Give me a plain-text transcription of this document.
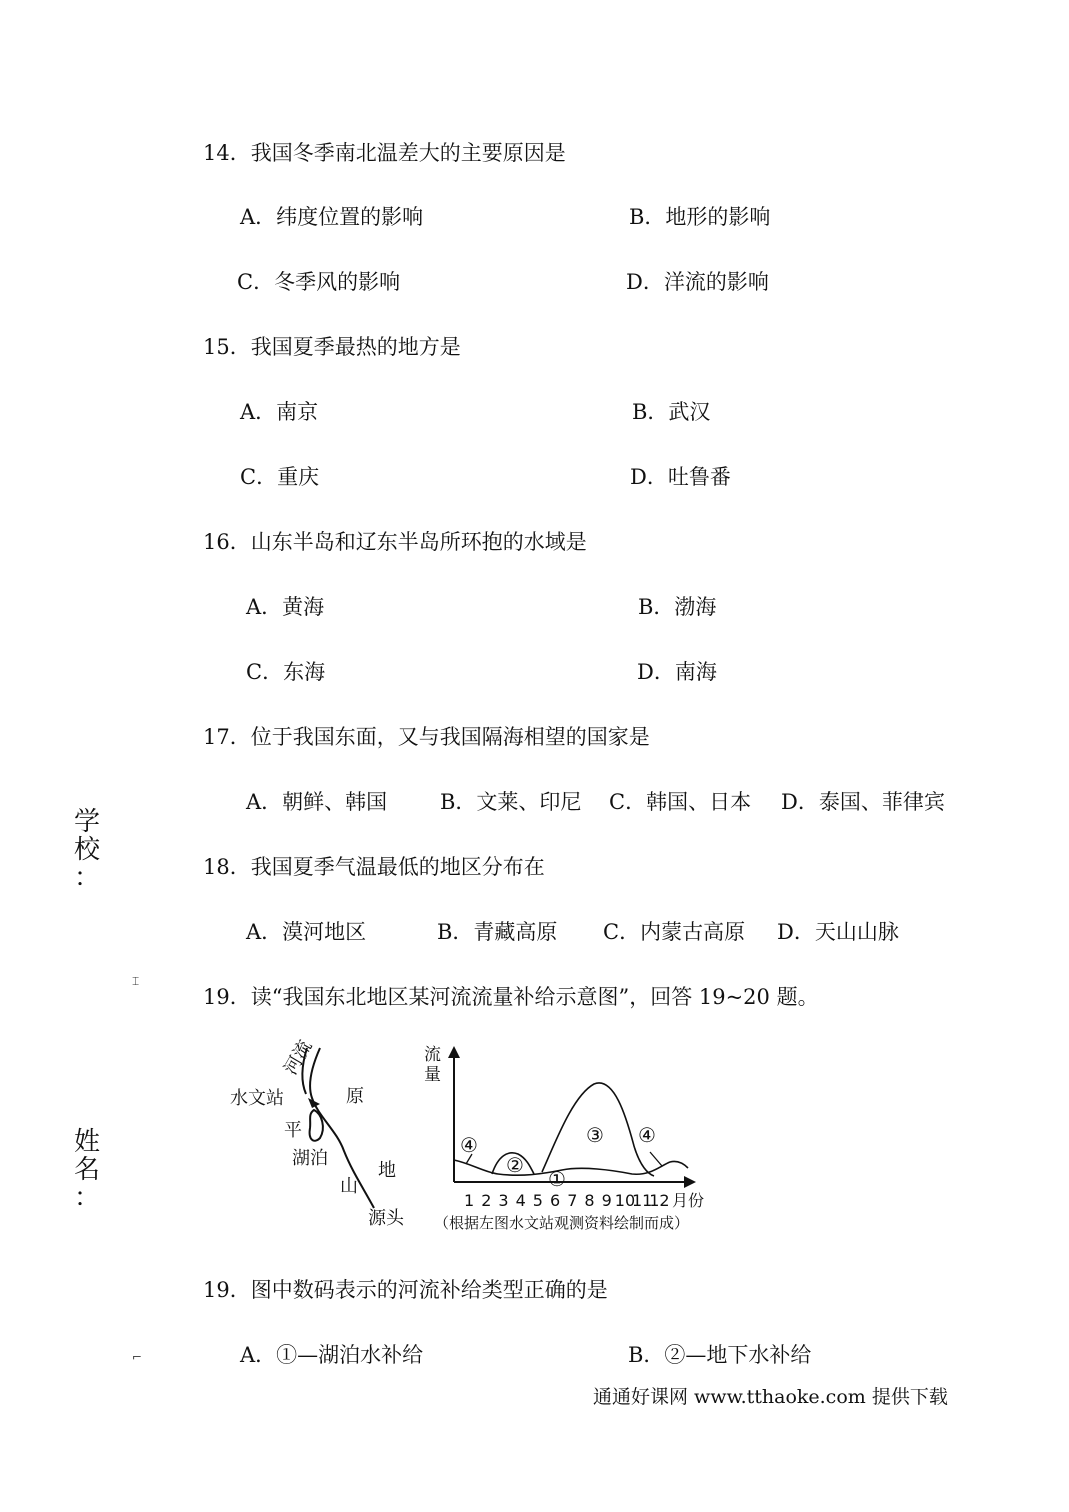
学
校
：
姓
名
：
⌶
⌐
14．我国冬季南北温差大的主要原因是
A．纬度位置的影响	B．地形的影响
C．冬季风的影响	D．洋流的影响
15．我国夏季最热的地方是
A．南京	B．武汉
C．重庆	D．吐鲁番
16．山东半岛和辽东半岛所环抱的水域是
A．黄海	B．渤海
C．东海	D．南海
17．位于我国东面，又与我国隔海相望的国家是
A．朝鲜、韩国	B．文莱、印尼 C．韩国、日本 D．泰国、菲律宾
18．我国夏季气温最低的地区分布在
A．漠河地区	B．青藏高原 C．内蒙古高原 D．天山山脉
19．读“我国东北地区某河流流量补给示意图”，回答 19~20 题。
河流
水文站	原
平
湖泊
地
山
源头
流
量
④
②
①
③ ④
1 2 3 4 5 6 7 8 9 10
11
12 月份
（根据左图水文站观测资料绘制而成）
19．图中数码表示的河流补给类型正确的是
A．①—湖泊水补给	B．②—地下水补给
通通好课网 www.tthaoke.com 提供下载
